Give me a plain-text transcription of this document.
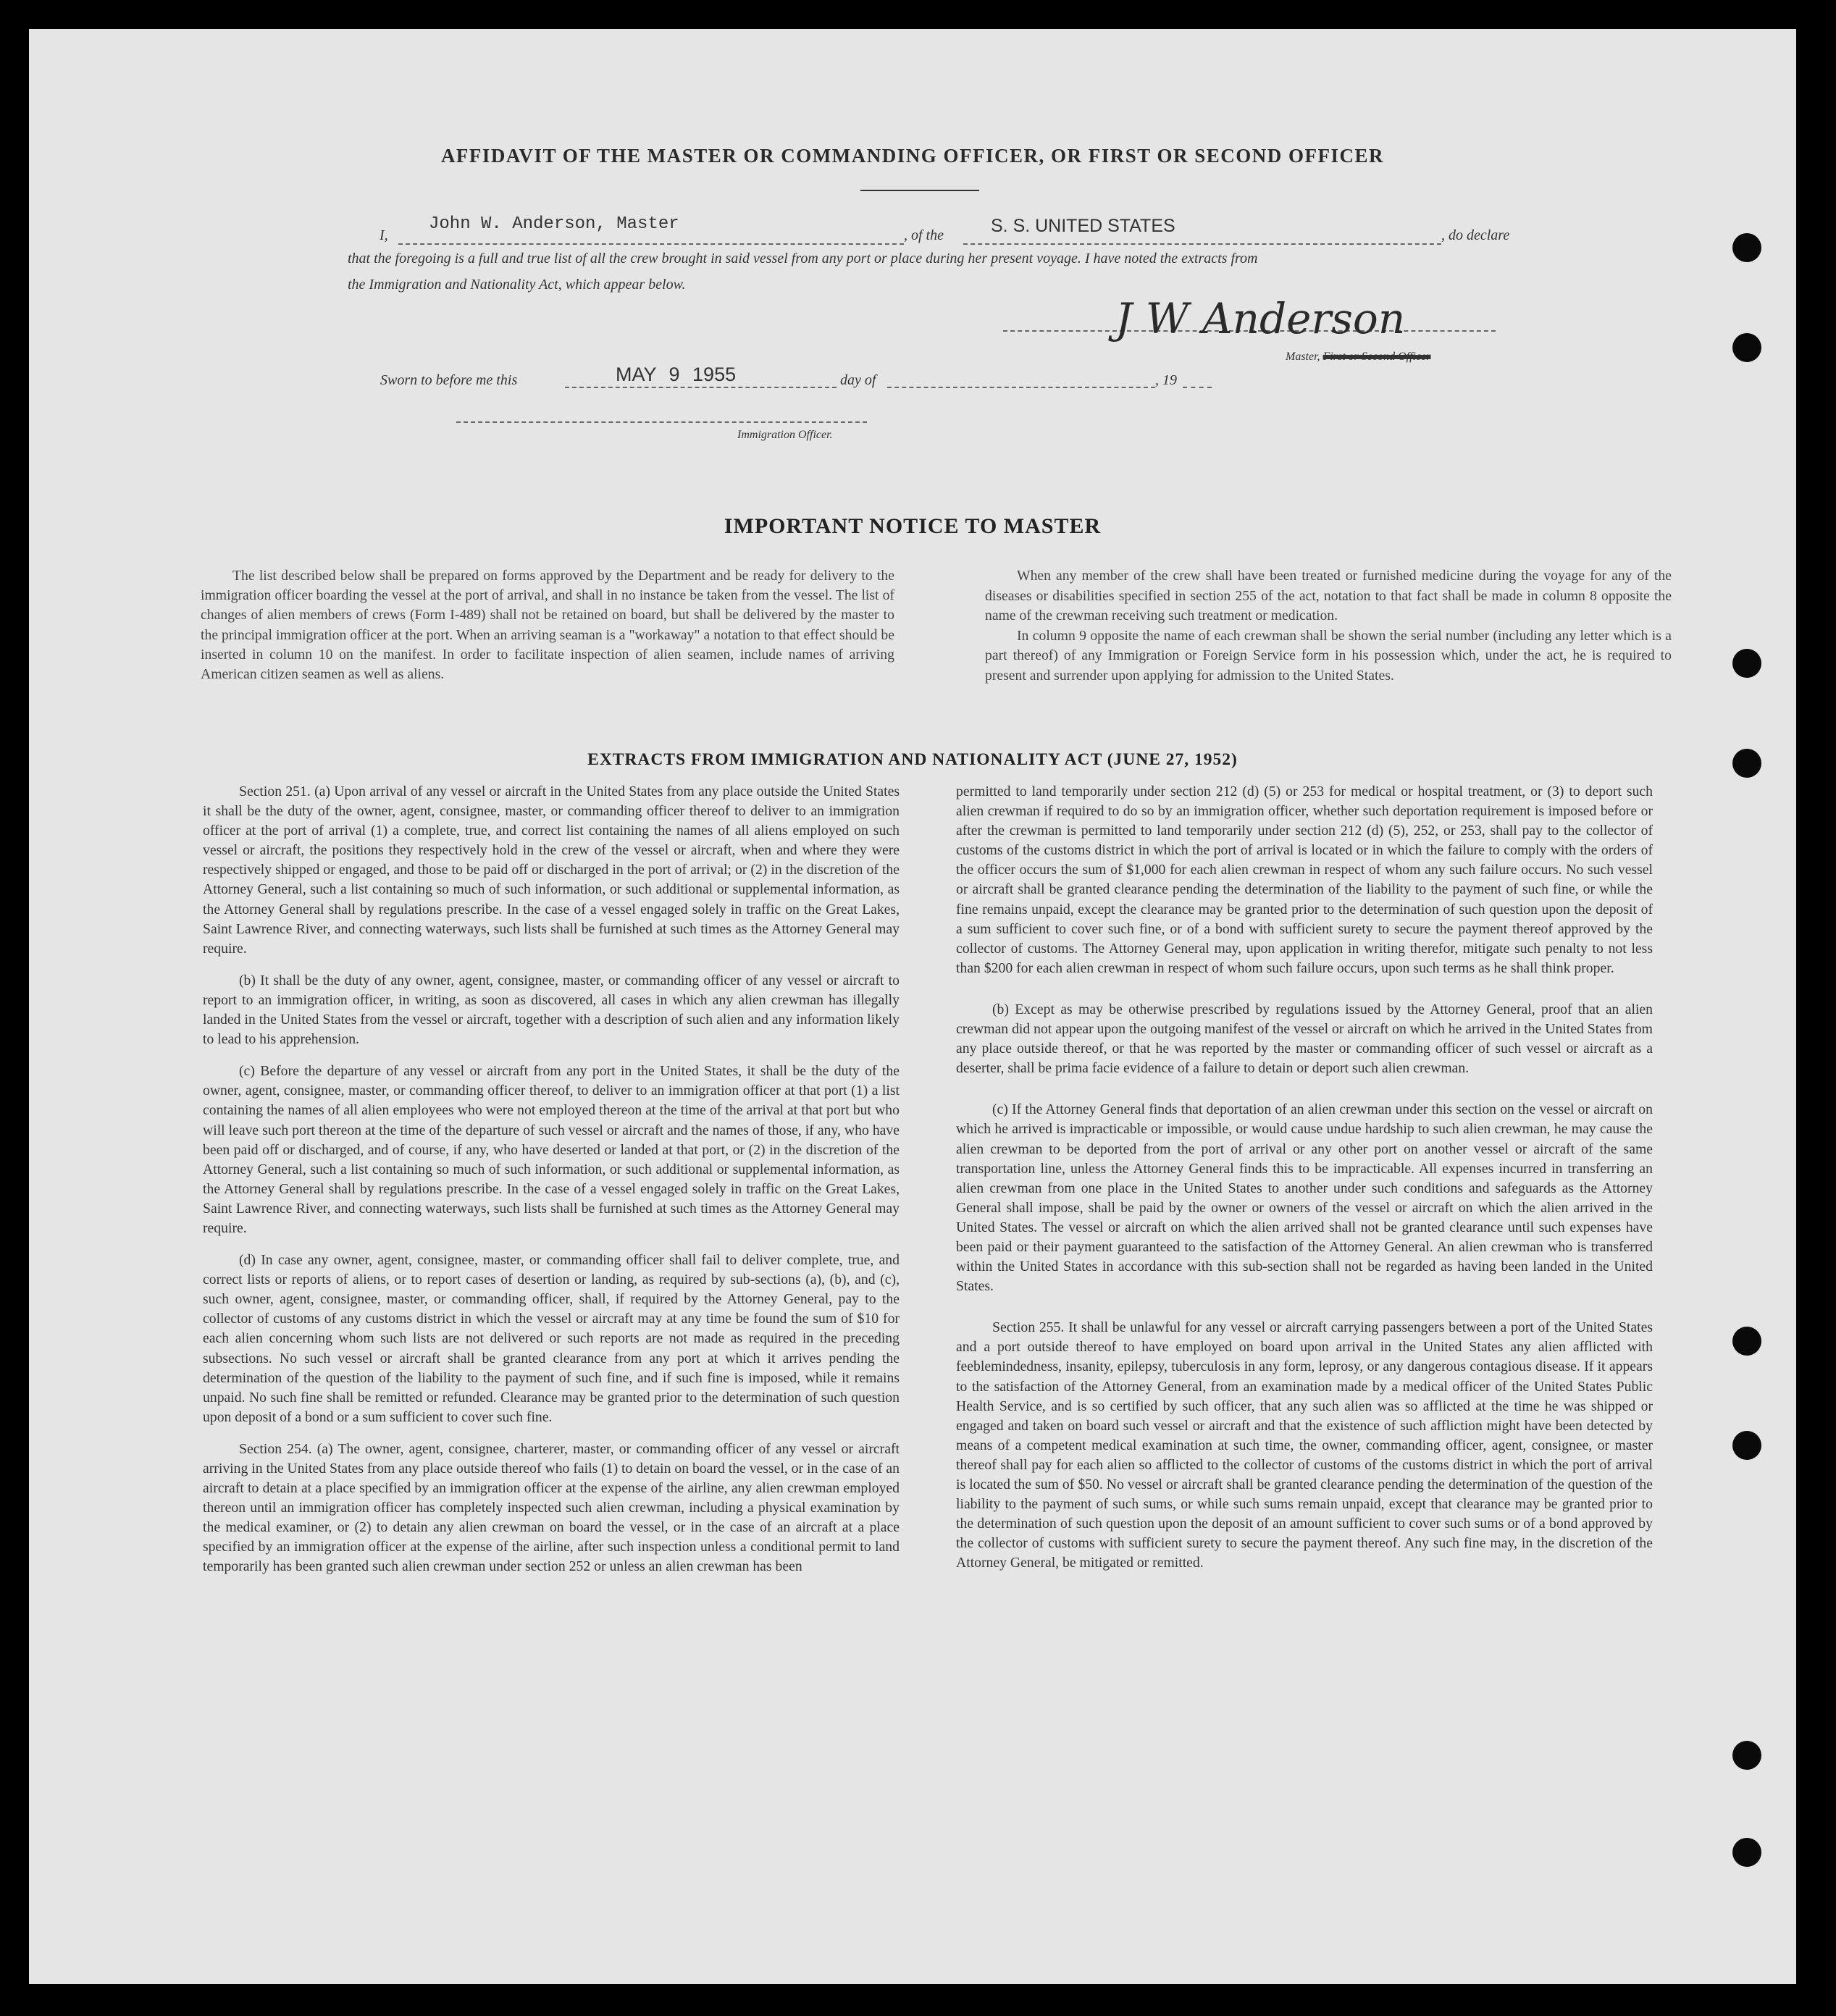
AFFIDAVIT OF THE MASTER OR COMMANDING OFFICER, OR FIRST OR SECOND OFFICER
I,
John W. Anderson, Master
, of the	S. S. UNITED STATES	, do declare
that the foregoing is a full and true list of all the crew brought in said vessel from any port or place during her present voyage. I have noted the extracts from
the Immigration and Nationality Act, which appear below.
J W Anderson
Master, First or Second Officer
Sworn to before me this	MAY 9 1955	day of	, 19
Immigration Officer.
IMPORTANT NOTICE TO MASTER

The list described below shall be prepared on forms approved by the Department and be ready for delivery to the immigration officer boarding the vessel at the port of arrival, and shall in no instance be taken from the vessel. The list of changes of alien members of crews (Form I-489) shall not be retained on board, but shall be delivered by the master to the principal immigration officer at the port. When an arriving seaman is a "workaway" a notation to that effect should be inserted in column 10 on the manifest. In order to facilitate inspection of alien seamen, include names of arriving American citizen seamen as well as aliens.

When any member of the crew shall have been treated or furnished medicine during the voyage for any of the diseases or disabilities specified in section 255 of the act, notation to that fact shall be made in column 8 opposite the name of the crewman receiving such treatment or medication.

In column 9 opposite the name of each crewman shall be shown the serial number (including any letter which is a part thereof) of any Immigration or Foreign Service form in his possession which, under the act, he is required to present and surrender upon applying for admission to the United States.

EXTRACTS FROM IMMIGRATION AND NATIONALITY ACT (JUNE 27, 1952)

Section 251. (a) Upon arrival of any vessel or aircraft in the United States from any place outside the United States it shall be the duty of the owner, agent, consignee, master, or commanding officer thereof to deliver to an immigration officer at the port of arrival (1) a complete, true, and correct list containing the names of all aliens employed on such vessel or aircraft, the positions they respectively hold in the crew of the vessel or aircraft, when and where they were respectively shipped or engaged, and those to be paid off or discharged in the port of arrival; or (2) in the discretion of the Attorney General, such a list containing so much of such information, or such additional or supplemental information, as the Attorney General shall by regulations prescribe. In the case of a vessel engaged solely in traffic on the Great Lakes, Saint Lawrence River, and connecting waterways, such lists shall be furnished at such times as the Attorney General may require.

(b) It shall be the duty of any owner, agent, consignee, master, or commanding officer of any vessel or aircraft to report to an immigration officer, in writing, as soon as discovered, all cases in which any alien crewman has illegally landed in the United States from the vessel or aircraft, together with a description of such alien and any information likely to lead to his apprehension.

(c) Before the departure of any vessel or aircraft from any port in the United States, it shall be the duty of the owner, agent, consignee, master, or commanding officer thereof, to deliver to an immigration officer at that port (1) a list containing the names of all alien employees who were not employed thereon at the time of the arrival at that port but who will leave such port thereon at the time of the departure of such vessel or aircraft and the names of those, if any, who have been paid off or discharged, and of course, if any, who have deserted or landed at that port, or (2) in the discretion of the Attorney General, such a list containing so much of such information, or such additional or supplemental information, as the Attorney General shall by regulations prescribe. In the case of a vessel engaged solely in traffic on the Great Lakes, Saint Lawrence River, and connecting waterways, such lists shall be furnished at such times as the Attorney General may require.

(d) In case any owner, agent, consignee, master, or commanding officer shall fail to deliver complete, true, and correct lists or reports of aliens, or to report cases of desertion or landing, as required by sub-sections (a), (b), and (c), such owner, agent, consignee, master, or commanding officer, shall, if required by the Attorney General, pay to the collector of customs of any customs district in which the vessel or aircraft may at any time be found the sum of $10 for each alien concerning whom such lists are not delivered or such reports are not made as required in the preceding subsections. No such vessel or aircraft shall be granted clearance from any port at which it arrives pending the determination of the question of the liability to the payment of such fine, and if such fine is imposed, while it remains unpaid. No such fine shall be remitted or refunded. Clearance may be granted prior to the determination of such question upon deposit of a bond or a sum sufficient to cover such fine.

Section 254. (a) The owner, agent, consignee, charterer, master, or commanding officer of any vessel or aircraft arriving in the United States from any place outside thereof who fails (1) to detain on board the vessel, or in the case of an aircraft to detain at a place specified by an immigration officer at the expense of the airline, any alien crewman employed thereon until an immigration officer has completely inspected such alien crewman, including a physical examination by the medical examiner, or (2) to detain any alien crewman on board the vessel, or in the case of an aircraft at a place specified by an immigration officer at the expense of the airline, after such inspection unless a conditional permit to land temporarily has been granted such alien crewman under section 252 or unless an alien crewman has been

permitted to land temporarily under section 212 (d) (5) or 253 for medical or hospital treatment, or (3) to deport such alien crewman if required to do so by an immigration officer, whether such deportation requirement is imposed before or after the crewman is permitted to land temporarily under section 212 (d) (5), 252, or 253, shall pay to the collector of customs of the customs district in which the port of arrival is located or in which the failure to comply with the orders of the officer occurs the sum of $1,000 for each alien crewman in respect of whom any such failure occurs. No such vessel or aircraft shall be granted clearance pending the determination of the liability to the payment of such fine, or while the fine remains unpaid, except the clearance may be granted prior to the determination of such question upon the deposit of a sum sufficient to cover such fine, or of a bond with sufficient surety to secure the payment thereof approved by the collector of customs. The Attorney General may, upon application in writing therefor, mitigate such penalty to not less than $200 for each alien crewman in respect of whom such failure occurs, upon such terms as he shall think proper.

(b) Except as may be otherwise prescribed by regulations issued by the Attorney General, proof that an alien crewman did not appear upon the outgoing manifest of the vessel or aircraft on which he arrived in the United States from any place outside thereof, or that he was reported by the master or commanding officer of such vessel or aircraft as a deserter, shall be prima facie evidence of a failure to detain or deport such alien crewman.

(c) If the Attorney General finds that deportation of an alien crewman under this section on the vessel or aircraft on which he arrived is impracticable or impossible, or would cause undue hardship to such alien crewman, he may cause the alien crewman to be deported from the port of arrival or any other port on another vessel or aircraft of the same transportation line, unless the Attorney General finds this to be impracticable. All expenses incurred in transferring an alien crewman from one place in the United States to another under such conditions and safeguards as the Attorney General shall impose, shall be paid by the owner or owners of the vessel or aircraft on which the alien arrived in the United States. The vessel or aircraft on which the alien arrived shall not be granted clearance until such expenses have been paid or their payment guaranteed to the satisfaction of the Attorney General. An alien crewman who is transferred within the United States in accordance with this sub-section shall not be regarded as having been landed in the United States.

Section 255. It shall be unlawful for any vessel or aircraft carrying passengers between a port of the United States and a port outside thereof to have employed on board upon arrival in the United States any alien afflicted with feeblemindedness, insanity, epilepsy, tuberculosis in any form, leprosy, or any dangerous contagious disease. If it appears to the satisfaction of the Attorney General, from an examination made by a medical officer of the United States Public Health Service, and is so certified by such officer, that any such alien was so afflicted at the time he was shipped or engaged and taken on board such vessel or aircraft and that the existence of such affliction might have been detected by means of a competent medical examination at such time, the owner, commanding officer, agent, consignee, or master thereof shall pay for each alien so afflicted to the collector of customs of the customs district in which the port of arrival is located the sum of $50. No vessel or aircraft shall be granted clearance pending the determination of the question of the liability to the payment of such sums, or while such sums remain unpaid, except that clearance may be granted prior to the determination of such question upon the deposit of an amount sufficient to cover such sums or of a bond approved by the collector of customs with sufficient surety to secure the payment thereof. Any such fine may, in the discretion of the Attorney General, be mitigated or remitted.
